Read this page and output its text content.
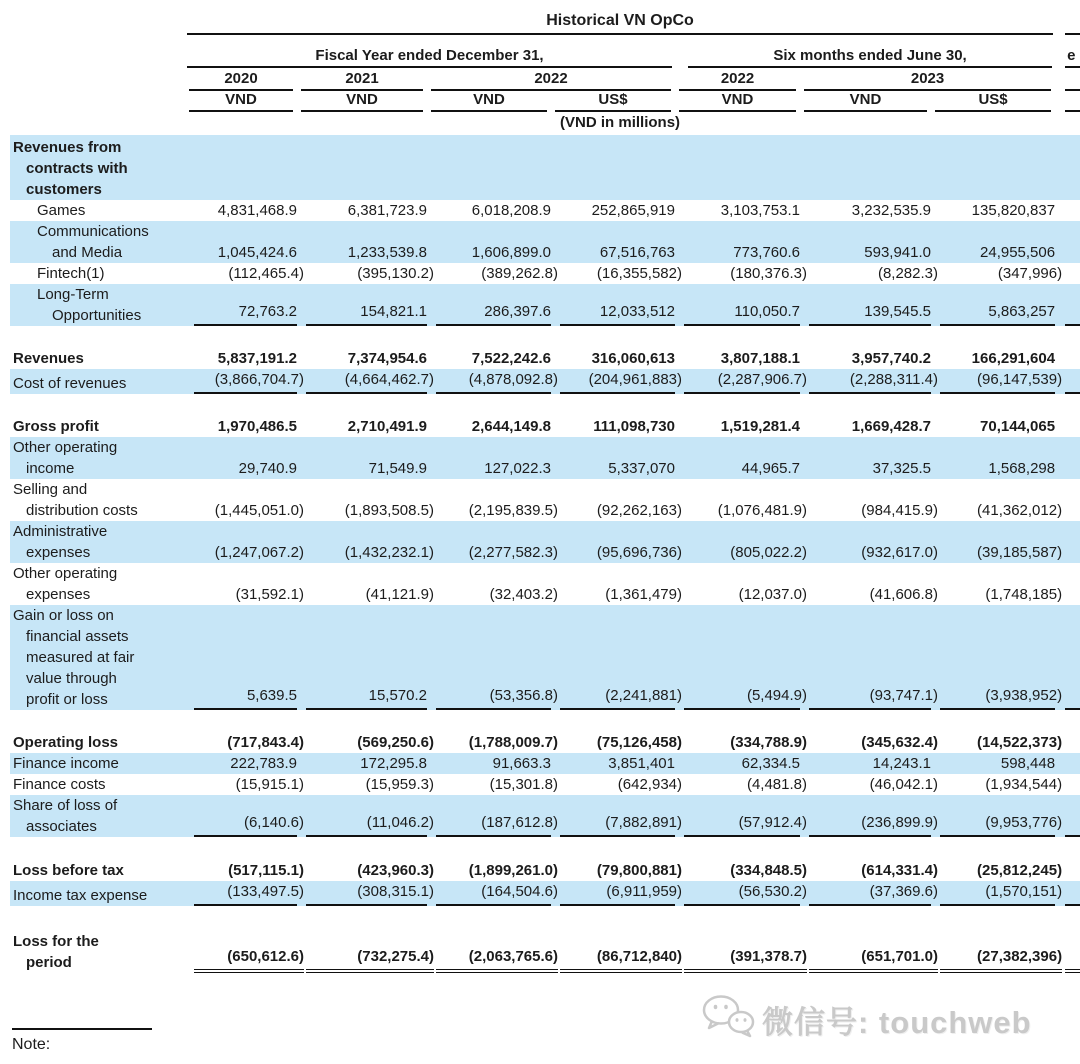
	Historical VN OpCo							

	Fiscal Year ended December 31,				Six months ended June 30,			e

	2020	2021	2022		2022	2023		

	VND	VND	VND	US$	VND	VND	US$	

	(VND in millions)							

Revenues from
contracts with
customers								

Games	4,831,468.9	6,381,723.9	6,018,208.9	252,865,919	3,103,753.1	3,232,535.9	135,820,837	

Communications
and Media	1,045,424.6	1,233,539.8	1,606,899.0	67,516,763	773,760.6	593,941.0	24,955,506	

Fintech(1)	(112,465.4)	(395,130.2)	(389,262.8)	(16,355,582)	(180,376.3)	(8,282.3)	(347,996)	

Long-Term
Opportunities	72,763.2	154,821.1	286,397.6	12,033,512	110,050.7	139,545.5	5,863,257	

Revenues	5,837,191.2	7,374,954.6	7,522,242.6	316,060,613	3,807,188.1	3,957,740.2	166,291,604	

Cost of revenues	(3,866,704.7)	(4,664,462.7)	(4,878,092.8)	(204,961,883)	(2,287,906.7)	(2,288,311.4)	(96,147,539)	

Gross profit	1,970,486.5	2,710,491.9	2,644,149.8	111,098,730	1,519,281.4	1,669,428.7	70,144,065	

Other operating
income	29,740.9	71,549.9	127,022.3	5,337,070	44,965.7	37,325.5	1,568,298	

Selling and
distribution costs	(1,445,051.0)	(1,893,508.5)	(2,195,839.5)	(92,262,163)	(1,076,481.9)	(984,415.9)	(41,362,012)	

Administrative
expenses	(1,247,067.2)	(1,432,232.1)	(2,277,582.3)	(95,696,736)	(805,022.2)	(932,617.0)	(39,185,587)	

Other operating
expenses	(31,592.1)	(41,121.9)	(32,403.2)	(1,361,479)	(12,037.0)	(41,606.8)	(1,748,185)	

Gain or loss on
financial assets
measured at fair
value through
profit or loss	5,639.5	15,570.2	(53,356.8)	(2,241,881)	(5,494.9)	(93,747.1)	(3,938,952)	

Operating loss	(717,843.4)	(569,250.6)	(1,788,009.7)	(75,126,458)	(334,788.9)	(345,632.4)	(14,522,373)	

Finance income	222,783.9	172,295.8	91,663.3	3,851,401	62,334.5	14,243.1	598,448	

Finance costs	(15,915.1)	(15,959.3)	(15,301.8)	(642,934)	(4,481.8)	(46,042.1)	(1,934,544)	

Share of loss of
associates	(6,140.6)	(11,046.2)	(187,612.8)	(7,882,891)	(57,912.4)	(236,899.9)	(9,953,776)	

Loss before tax	(517,115.1)	(423,960.3)	(1,899,261.0)	(79,800,881)	(334,848.5)	(614,331.4)	(25,812,245)	

Income tax expense	(133,497.5)	(308,315.1)	(164,504.6)	(6,911,959)	(56,530.2)	(37,369.6)	(1,570,151)	

Loss for the
period	(650,612.6)	(732,275.4)	(2,063,765.6)	(86,712,840)	(391,378.7)	(651,701.0)	(27,382,396)	

微信号: touchweb
Note:
